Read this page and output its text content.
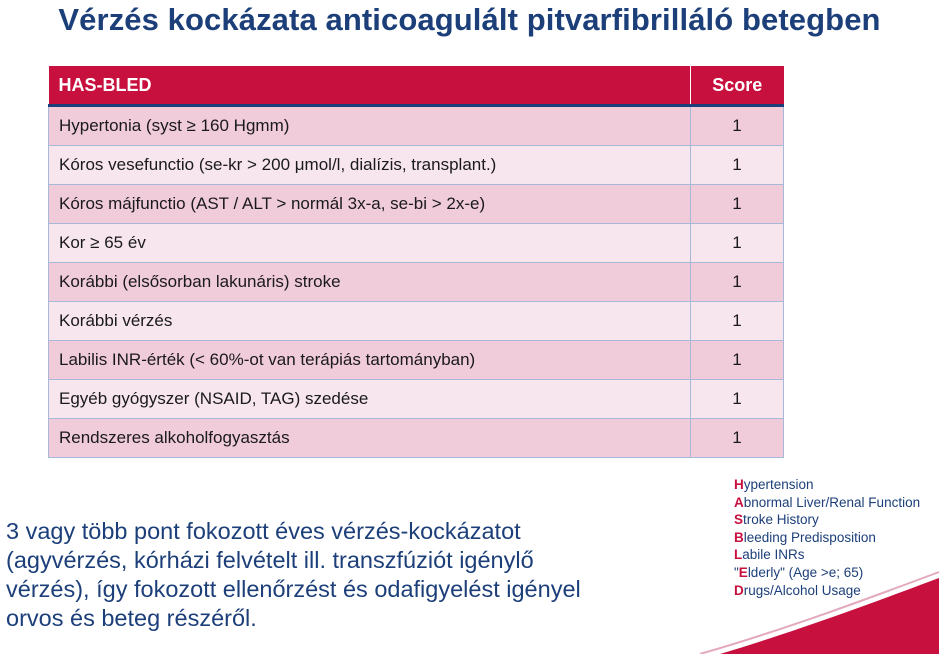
Vérzés kockázata anticoagulált pitvarfibrilláló betegben
HAS-BLED	Score
Hypertonia (syst ≥ 160 Hgmm)	1
Kóros vesefunctio (se-kr > 200 μmol/l, dialízis, transplant.)	1
Kóros májfunctio (AST / ALT > normál 3x-a, se-bi > 2x-e)	1
Kor ≥ 65 év	1
Korábbi (elsősorban lakunáris) stroke	1
Korábbi vérzés	1
Labilis INR-érték (< 60%-ot van terápiás tartományban)	1
Egyéb gyógyszer (NSAID, TAG) szedése	1
Rendszeres alkoholfogyasztás	1
3 vagy több pont fokozott éves vérzés-kockázatot
(agyvérzés, kórházi felvételt ill. transzfúziót igénylő
vérzés), így fokozott ellenőrzést és odafigyelést igényel
orvos és beteg részéről.
Hypertension
Abnormal Liver/Renal Function
Stroke History
Bleeding Predisposition
Labile INRs
"Elderly" (Age >e; 65)
Drugs/Alcohol Usage
